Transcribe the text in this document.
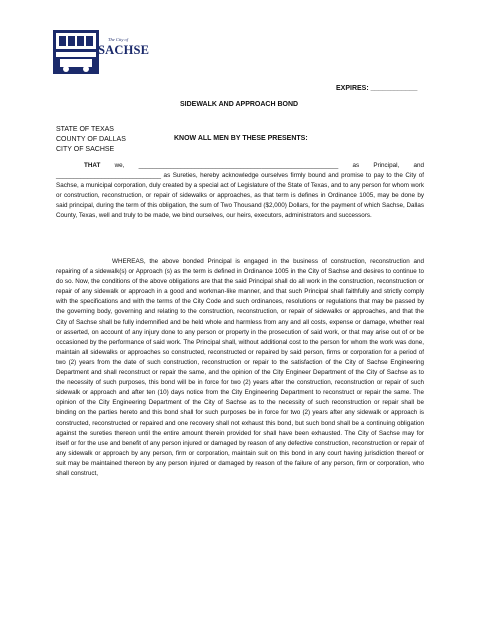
The City of
SACHSE
EXPIRES: ____________
SIDEWALK AND APPROACH BOND
STATE OF TEXAS
COUNTY OF DALLAS
CITY OF SACHSE
KNOW ALL MEN BY THESE PRESENTS:
THAT we, _________________________________________________________ as Principal, and ______________________________ as Sureties, hereby acknowledge ourselves firmly bound and promise to pay to the City of Sachse, a municipal corporation, duly created by a special act of Legislature of the State of Texas, and to any person for whom work or construction, reconstruction, or repair of sidewalks or approaches, as that term is defines in Ordinance 1005, may be done by said principal, during the term of this obligation, the sum of Two Thousand ($2,000) Dollars, for the payment of which Sachse, Dallas County, Texas, well and truly to be made, we bind ourselves, our heirs, executors, administrators and successors.
WHEREAS, the above bonded Principal is engaged in the business of construction, reconstruction and repairing of a sidewalk(s) or Approach (s) as the term is defined in Ordinance 1005 in the City of Sachse and desires to continue to do so. Now, the conditions of the above obligations are that the said Principal shall do all work in the construction, reconstruction or repair of any sidewalk or approach in a good and workman-like manner, and that such Principal shall faithfully and strictly comply with the specifications and with the terms of the City Code and such ordinances, resolutions or regulations that may be passed by the governing body, governing and relating to the construction, reconstruction, or repair of sidewalks or approaches, and that the City of Sachse shall be fully indemnified and be held whole and harmless from any and all costs, expense or damage, whether real or asserted, on account of any injury done to any person or property in the prosecution of said work, or that may arise out of or be occasioned by the performance of said work. The Principal shall, without additional cost to the person for whom the work was done, maintain all sidewalks or approaches so constructed, reconstructed or repaired by said person, firms or corporation for a period of two (2) years from the date of such construction, reconstruction or repair to the satisfaction of the City of Sachse Engineering Department and shall reconstruct or repair the same, and the opinion of the City Engineer Department of the City of Sachse as to the necessity of such purposes, this bond will be in force for two (2) years after the construction, reconstruction or repair of such sidewalk or approach and after ten (10) days notice from the City Engineering Department to reconstruct or repair the same. The opinion of the City Engineering Department of the City of Sachse as to the necessity of such reconstruction or repair shall be binding on the parties hereto and this bond shall for such purposes be in force for two (2) years after any sidewalk or approach is constructed, reconstructed or repaired and one recovery shall not exhaust this bond, but such bond shall be a continuing obligation against the sureties thereon until the entire amount therein provided for shall have been exhausted. The City of Sachse may for itself or for the use and benefit of any person injured or damaged by reason of any defective construction, reconstruction or repair of any sidewalk or approach by any person, firm or corporation, maintain suit on this bond in any court having jurisdiction thereof or suit may be maintained thereon by any person injured or damaged by reason of the failure of any person, firm or corporation, who shall construct,
